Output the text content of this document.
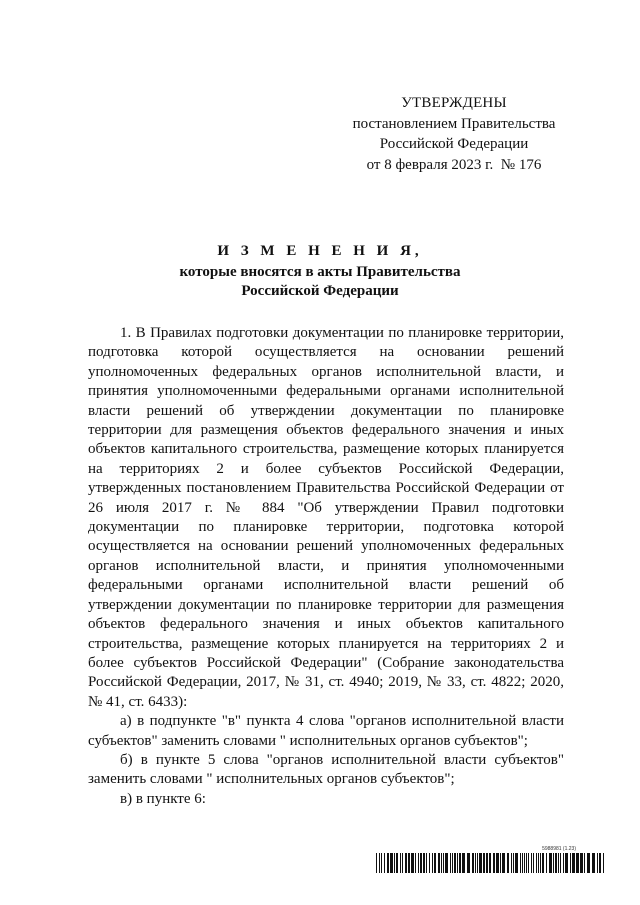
УТВЕРЖДЕНЫ
постановлением Правительства
Российской Федерации
от 8 февраля 2023 г.  № 176
И З М Е Н Е Н И Я,
которые вносятся в акты Правительства
Российской Федерации

1. В Правилах подготовки документации по планировке территории, подготовка которой осуществляется на основании решений уполномоченных федеральных органов исполнительной власти, и принятия уполномоченными федеральными органами исполнительной власти решений об утверждении документации по планировке территории для размещения объектов федерального значения и иных объектов капитального строительства, размещение которых планируется на территориях 2 и более субъектов Российской Федерации, утвержденных постановлением Правительства Российской Федерации от 26 июля 2017 г. № 884 "Об утверждении Правил подготовки документации по планировке территории, подготовка которой осуществляется на основании решений уполномоченных федеральных органов исполнительной власти, и принятия уполномоченными федеральными органами исполнительной власти решений об утверждении документации по планировке территории для размещения объектов федерального значения и иных объектов капитального строительства, размещение которых планируется на территориях 2 и более субъектов Российской Федерации" (Собрание законодательства Российской Федерации, 2017, № 31, ст. 4940; 2019, № 33, ст. 4822; 2020, № 41, ст. 6433):

а) в подпункте "в" пункта 4 слова "органов исполнительной власти субъектов" заменить словами " исполнительных органов субъектов";

б) в пункте 5 слова "органов исполнительной власти субъектов" заменить словами " исполнительных органов субъектов";

в) в пункте 6:

5988981 (1.23)
